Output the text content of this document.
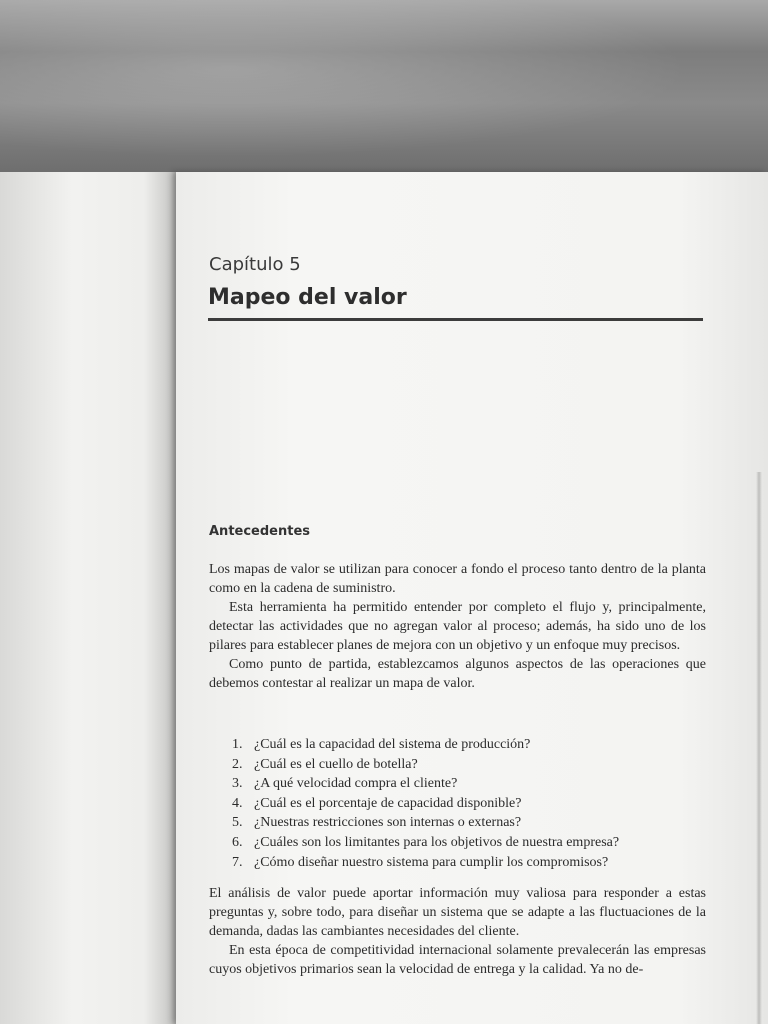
Capítulo 5
Mapeo del valor
Antecedentes

Los mapas de valor se utilizan para conocer a fondo el proceso tanto dentro de la planta como en la cadena de suministro.

Esta herramienta ha permitido entender por completo el flujo y, principalmente, detectar las actividades que no agregan valor al proceso; además, ha sido uno de los pilares para establecer planes de mejora con un objetivo y un enfoque muy precisos.

Como punto de partida, establezcamos algunos aspectos de las operaciones que debemos contestar al realizar un mapa de valor.

1. ¿Cuál es la capacidad del sistema de producción?
2. ¿Cuál es el cuello de botella?
3. ¿A qué velocidad compra el cliente?
4. ¿Cuál es el porcentaje de capacidad disponible?
5. ¿Nuestras restricciones son internas o externas?
6. ¿Cuáles son los limitantes para los objetivos de nuestra empresa?
7. ¿Cómo diseñar nuestro sistema para cumplir los compromisos?

El análisis de valor puede aportar información muy valiosa para responder a estas preguntas y, sobre todo, para diseñar un sistema que se adapte a las fluctuaciones de la demanda, dadas las cambiantes necesidades del cliente.

En esta época de competitividad internacional solamente prevalecerán las empresas cuyos objetivos primarios sean la velocidad de entrega y la calidad. Ya no de-
